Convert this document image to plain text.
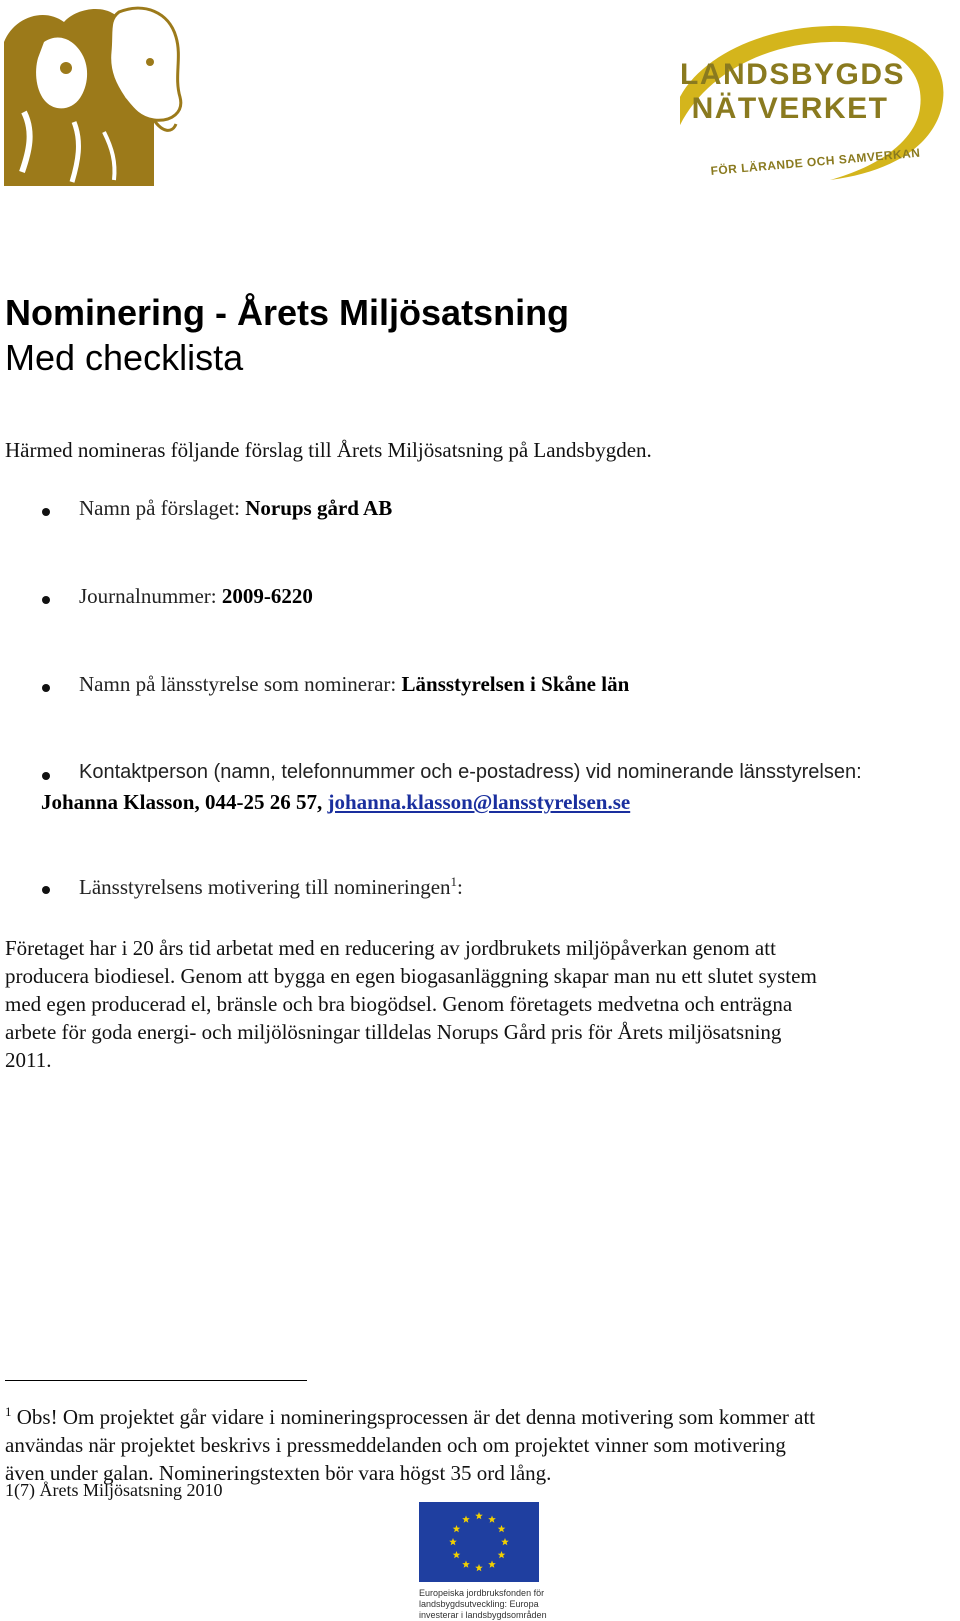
LANDSBYGDS
NÄTVERKET
FÖR LÄRANDE OCH SAMVERKAN
Nominering - Årets Miljösatsning
Med checklista
Härmed nomineras följande förslag till Årets Miljösatsning på Landsbygden.
Namn på förslaget: Norups gård AB
Journalnummer: 2009-6220
Namn på länsstyrelse som nominerar: Länsstyrelsen i Skåne län
Kontaktperson (namn, telefonnummer och e-postadress) vid nominerande länsstyrelsen:
Johanna Klasson, 044-25 26 57, johanna.klasson@lansstyrelsen.se
Länsstyrelsens motivering till nomineringen$^1$:
Företaget har i 20 års tid arbetat med en reducering av jordbrukets miljöpåverkan genom att
producera biodiesel. Genom att bygga en egen biogasanläggning skapar man nu ett slutet system
med egen producerad el, bränsle och bra biogödsel. Genom företagets medvetna och enträgna
arbete för goda energi- och miljölösningar tilldelas Norups Gård pris för Årets miljösatsning
2011.
$^1$ Obs! Om projektet går vidare i nomineringsprocessen är det denna motivering som kommer att
användas när projektet beskrivs i pressmeddelanden och om projektet vinner som motivering
även under galan. Nomineringstexten bör vara högst 35 ord lång.
1(7) Årets Miljösatsning 2010
Europeiska jordbruksfonden för
landsbygdsutveckling: Europa
investerar i landsbygdsområden
